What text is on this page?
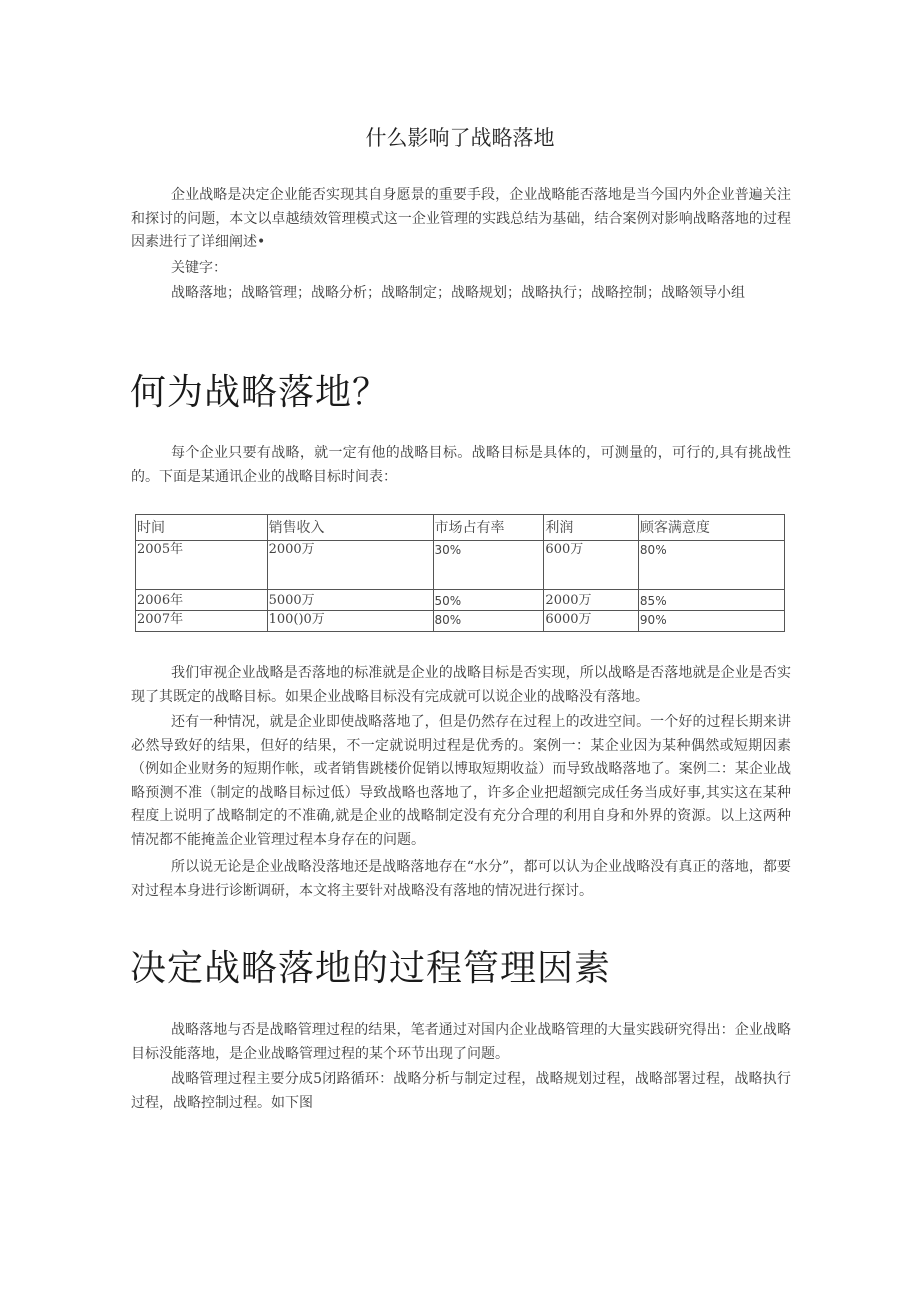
什么影响了战略落地
企业战略是决定企业能否实现其自身愿景的重要手段，企业战略能否落地是当今国内外企业普遍关注和探讨的问题，本文以卓越绩效管理模式这一企业管理的实践总结为基础，结合案例对影响战略落地的过程因素进行了详细阐述•
关键字：
战略落地；战略管理；战略分析；战略制定；战略规划；战略执行；战略控制；战略领导小组
何为战略落地？
每个企业只要有战略，就一定有他的战略目标。战略目标是具体的，可测量的，可行的,具有挑战性的。下面是某通讯企业的战略目标时间表：
时间	销售收入	市场占有率	利润	顾客满意度
2005年	2000万	30%	600万	80%
2006年	5000万	50%	2000万	85%
2007年	100()0万	80%	6000万	90%
我们审视企业战略是否落地的标准就是企业的战略目标是否实现，所以战略是否落地就是企业是否实现了其既定的战略目标。如果企业战略目标没有完成就可以说企业的战略没有落地。
还有一种情况，就是企业即使战略落地了，但是仍然存在过程上的改进空间。一个好的过程长期来讲必然导致好的结果，但好的结果，不一定就说明过程是优秀的。案例一：某企业因为某种偶然或短期因素（例如企业财务的短期作帐，或者销售跳楼价促销以博取短期收益）而导致战略落地了。案例二：某企业战略预测不准（制定的战略目标过低）导致战略也落地了，许多企业把超额完成任务当成好事,其实这在某种程度上说明了战略制定的不准确,就是企业的战略制定没有充分合理的利用自身和外界的资源。以上这两种情况都不能掩盖企业管理过程本身存在的问题。
所以说无论是企业战略没落地还是战略落地存在“水分”，都可以认为企业战略没有真正的落地，都要对过程本身进行诊断调研，本文将主要针对战略没有落地的情况进行探讨。
决定战略落地的过程管理因素
战略落地与否是战略管理过程的结果，笔者通过对国内企业战略管理的大量实践研究得出：企业战略目标没能落地，是企业战略管理过程的某个环节出现了问题。
战略管理过程主要分成5闭路循环：战略分析与制定过程，战略规划过程，战略部署过程，战略执行过程，战略控制过程。如下图
